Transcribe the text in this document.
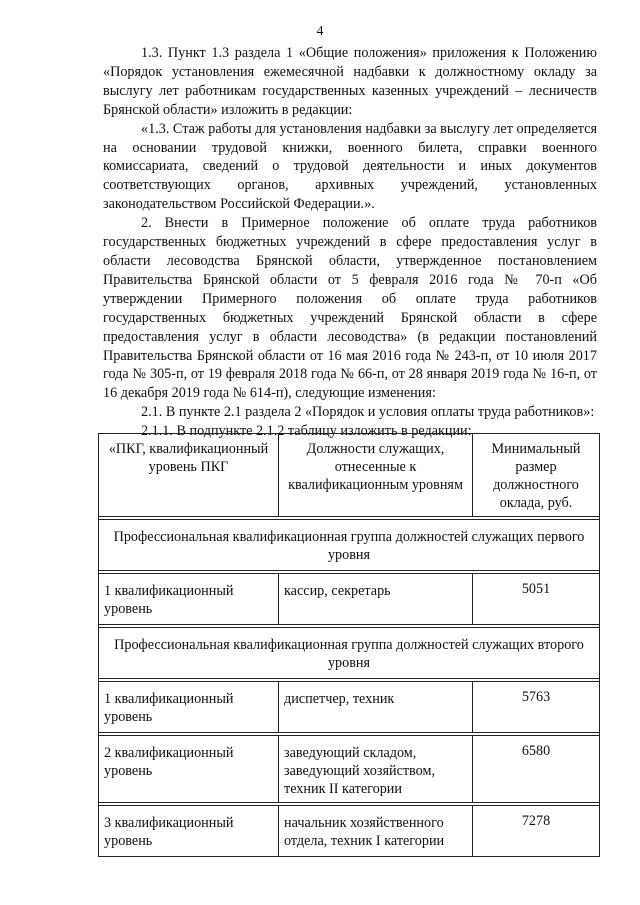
4

1.3. Пункт 1.3 раздела 1 «Общие положения» приложения к Положению «Порядок установления ежемесячной надбавки к должностному окладу за выслугу лет работникам государственных казенных учреждений – лесничеств Брянской области» изложить в редакции:

«1.3. Стаж работы для установления надбавки за выслугу лет определяется на основании трудовой книжки, военного билета, справки военного комиссариата, сведений о трудовой деятельности и иных документов соответствующих органов, архивных учреждений, установленных законодательством Российской Федерации.».

2. Внести в Примерное положение об оплате труда работников государственных бюджетных учреждений в сфере предоставления услуг в области лесоводства Брянской области, утвержденное постановлением Правительства Брянской области от 5 февраля 2016 года № 70-п «Об утверждении Примерного положения об оплате труда работников государственных бюджетных учреждений Брянской области в сфере предоставления услуг в области лесоводства» (в редакции постановлений Правительства Брянской области от 16 мая 2016 года № 243-п, от 10 июля 2017 года № 305-п, от 19 февраля 2018 года № 66-п, от 28 января 2019 года № 16-п, от 16 декабря 2019 года № 614-п), следующие изменения:

2.1. В пункте 2.1 раздела 2 «Порядок и условия оплаты труда работников»:

2.1.1. В подпункте 2.1.2 таблицу изложить в редакции:

«ПКГ, квалификационный уровень ПКГ	Должности служащих, отнесенные к квалификационным уровням	Минимальный размер должностного оклада, руб.

Профессиональная квалификационная группа должностей служащих первого уровня		

1 квалификационный уровень	кассир, секретарь	5051

Профессиональная квалификационная группа должностей служащих второго уровня		

1 квалификационный уровень	диспетчер, техник	5763

2 квалификационный уровень	заведующий складом, заведующий хозяйством, техник II категории	6580

3 квалификационный уровень	начальник хозяйственного отдела, техник I категории	7278
